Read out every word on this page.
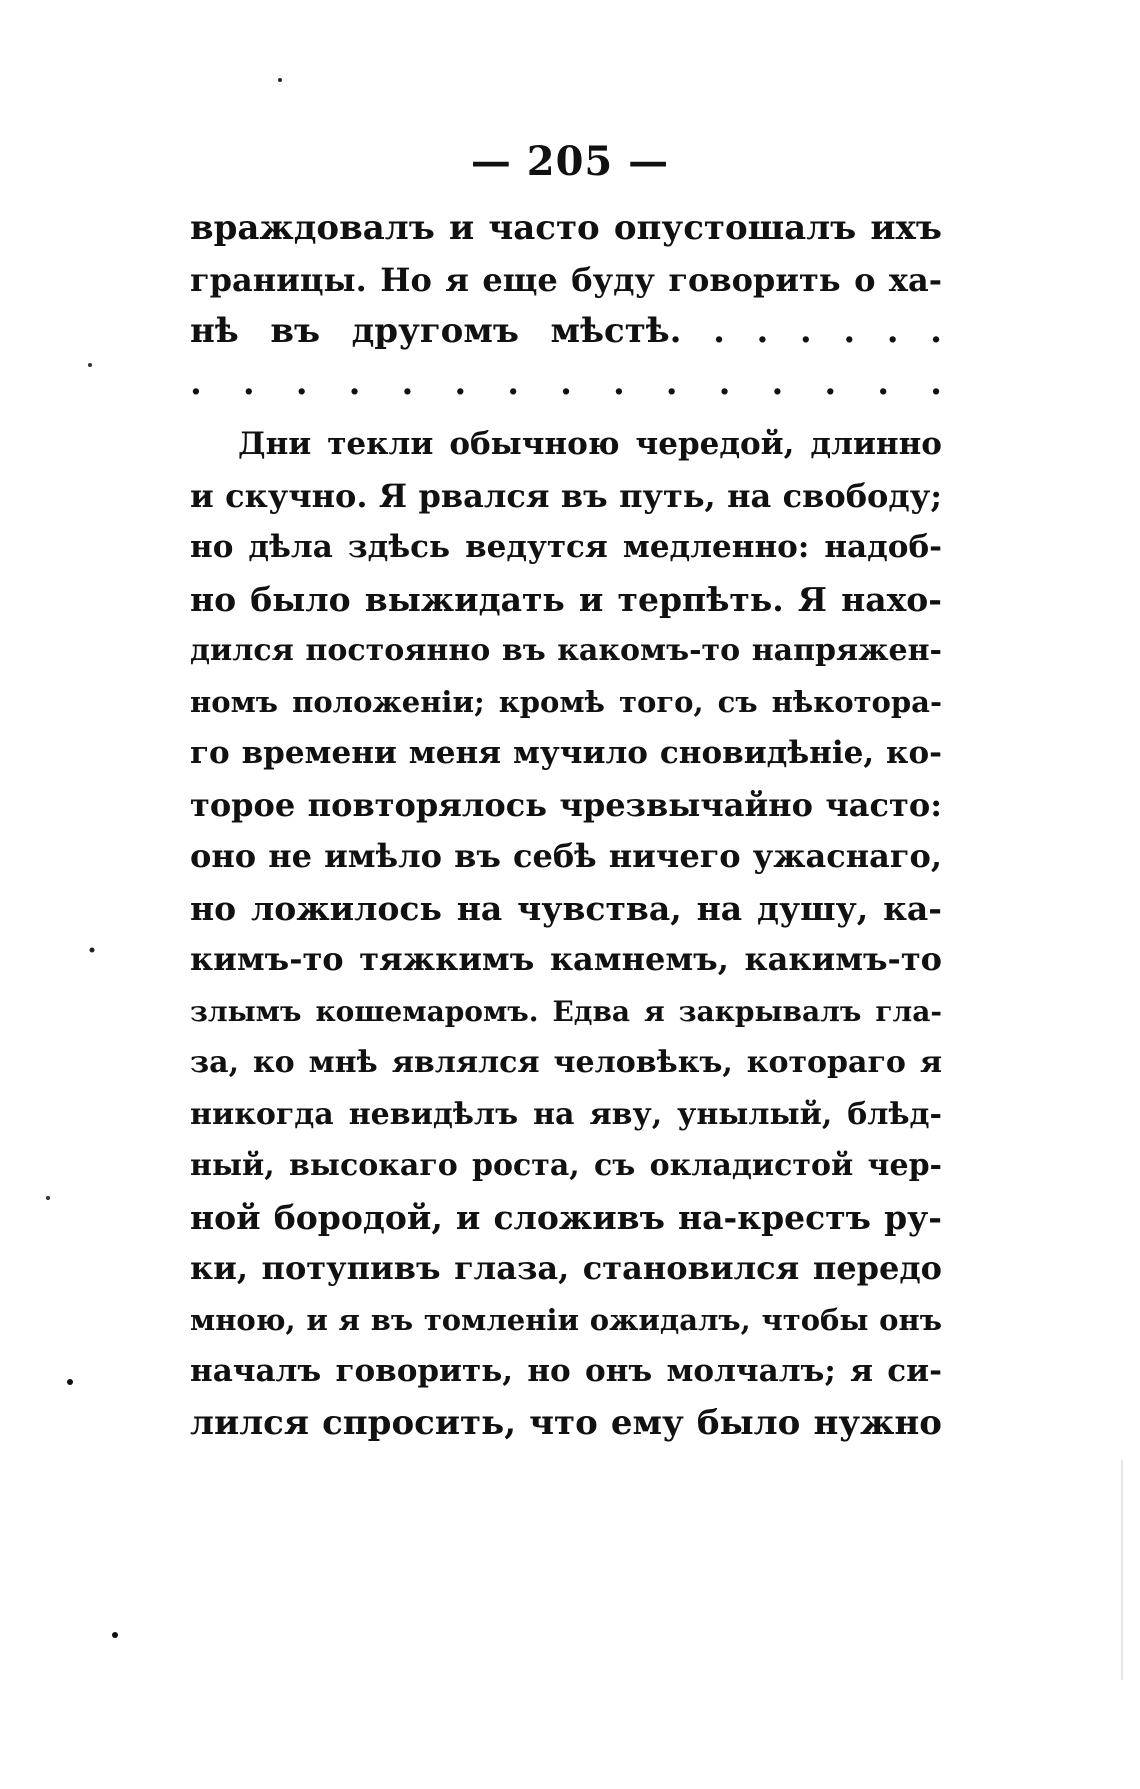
— 205 —
враждовалъ и часто опустошалъ ихъ
границы. Но я еще буду говорить о ха-
нѣ въ другомъ мѣстѣ. . . . . . .
. . . . . . . . . . . . . . .
Дни текли обычною чередой, длинно
и скучно. Я рвался въ путь, на свободу;
но дѣла здѣсь ведутся медленно: надоб-
но было выжидать и терпѣть. Я нахо-
дился постоянно въ какомъ-то напряжен-
номъ положенiи; кромѣ того, съ нѣкотора-
го времени меня мучило сновидѣнiе, ко-
торое повторялось чрезвычайно часто:
оно не имѣло въ себѣ ничего ужаснаго,
но ложилось на чувства, на душу, ка-
кимъ-то тяжкимъ камнемъ, какимъ-то
злымъ кошемаромъ. Едва я закрывалъ гла-
за, ко мнѣ являлся человѣкъ, котораго я
никогда невидѣлъ на яву, унылый, блѣд-
ный, высокаго роста, съ окладистой чер-
ной бородой, и сложивъ на-крестъ ру-
ки, потупивъ глаза, становился передо
мною, и я въ томленiи ожидалъ, чтобы онъ
началъ говорить, но онъ молчалъ; я си-
лился спросить, что ему было нужно
